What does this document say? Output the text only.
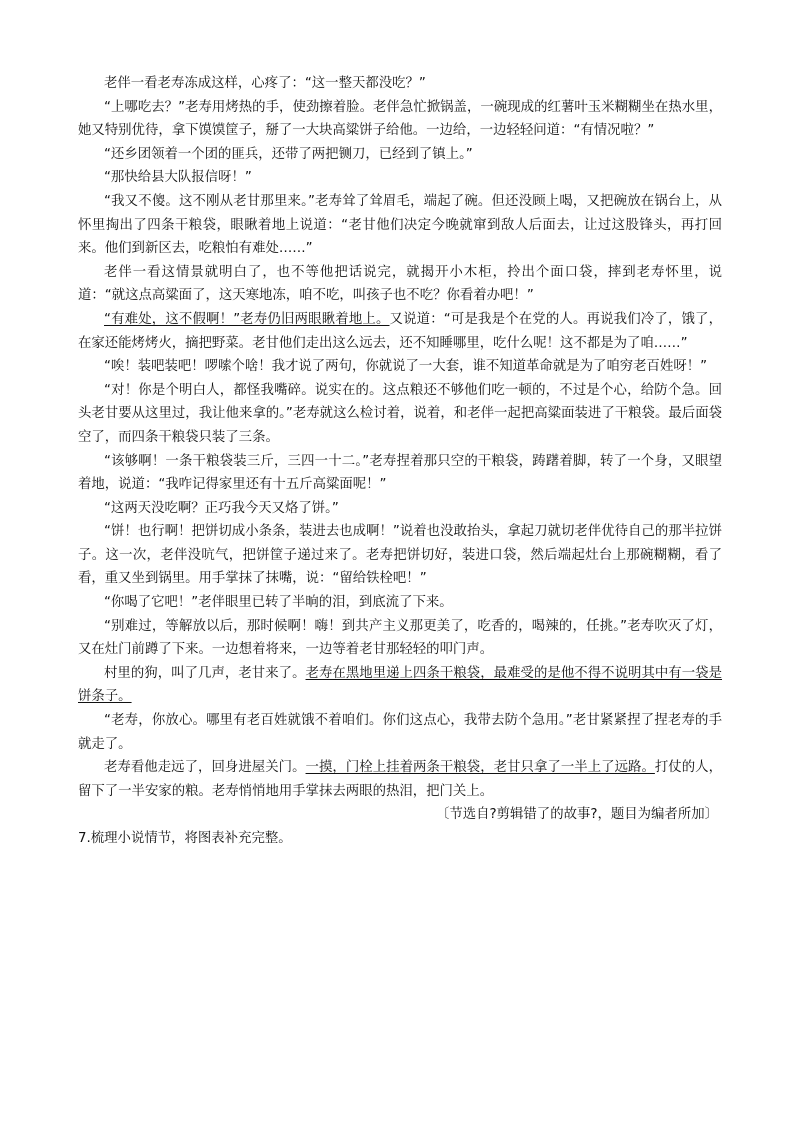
老伴一看老寿冻成这样，心疼了：“这一整天都没吃？”

“上哪吃去？”老寿用烤热的手，使劲擦着脸。老伴急忙掀锅盖，一碗现成的红薯叶玉米糊糊坐在热水里，她又特别优待，拿下馍馍筐子，掰了一大块高粱饼子给他。一边给，一边轻轻问道：“有情况啦？”

“还乡团领着一个团的匪兵，还带了两把铡刀，已经到了镇上。”

“那快给县大队报信呀！”

“我又不傻。这不刚从老甘那里来。”老寿耸了耸眉毛，端起了碗。但还没顾上喝，又把碗放在锅台上，从怀里掏出了四条干粮袋，眼瞅着地上说道：“老甘他们决定今晚就窜到敌人后面去，让过这股锋头，再打回来。他们到新区去，吃粮怕有难处……”

老伴一看这情景就明白了，也不等他把话说完，就揭开小木柜，拎出个面口袋，摔到老寿怀里，说道：“就这点高粱面了，这天寒地冻，咱不吃，叫孩子也不吃？你看着办吧！”

“有难处，这不假啊！”老寿仍旧两眼瞅着地上。又说道：“可是我是个在党的人。再说我们冷了，饿了，在家还能烤烤火，摘把野菜。老甘他们走出这么远去，还不知睡哪里，吃什么呢！这不都是为了咱……”

“唉！装吧装吧！啰嗦个啥！我才说了两句，你就说了一大套，谁不知道革命就是为了咱穷老百姓呀！”

“对！你是个明白人，都怪我嘴碎。说实在的。这点粮还不够他们吃一顿的，不过是个心，给防个急。回头老甘要从这里过，我让他来拿的。”老寿就这么检讨着，说着，和老伴一起把高粱面装进了干粮袋。最后面袋空了，而四条干粮袋只装了三条。

“该够啊！一条干粮袋装三斤，三四一十二。”老寿捏着那只空的干粮袋，踌躇着脚，转了一个身，又眼望着地，说道：“我咋记得家里还有十五斤高粱面呢！”

“这两天没吃啊？正巧我今天又烙了饼。”

“饼！也行啊！把饼切成小条条，装进去也成啊！”说着也没敢抬头，拿起刀就切老伴优待自己的那半拉饼子。这一次，老伴没吭气，把饼筐子递过来了。老寿把饼切好，装进口袋，然后端起灶台上那碗糊糊，看了看，重又坐到锅里。用手掌抹了抹嘴，说：“留给铁栓吧！”

“你喝了它吧！”老伴眼里已转了半晌的泪，到底流了下来。

“别难过，等解放以后，那时候啊！嗨！到共产主义那更美了，吃香的，喝辣的，任挑。”老寿吹灭了灯，又在灶门前蹲了下来。一边想着将来，一边等着老甘那轻轻的叩门声。

村里的狗，叫了几声，老甘来了。老寿在黑地里递上四条干粮袋，最难受的是他不得不说明其中有一袋是饼条子。

“老寿，你放心。哪里有老百姓就饿不着咱们。你们这点心，我带去防个急用。”老甘紧紧捏了捏老寿的手就走了。

老寿看他走远了，回身进屋关门。一摸，门栓上挂着两条干粮袋，老甘只拿了一半上了远路。打仗的人，留下了一半安家的粮。老寿悄悄地用手掌抹去两眼的热泪，把门关上。

〔节选自?剪辑错了的故事?，题目为编者所加〕

7.梳理小说情节，将图表补充完整。
